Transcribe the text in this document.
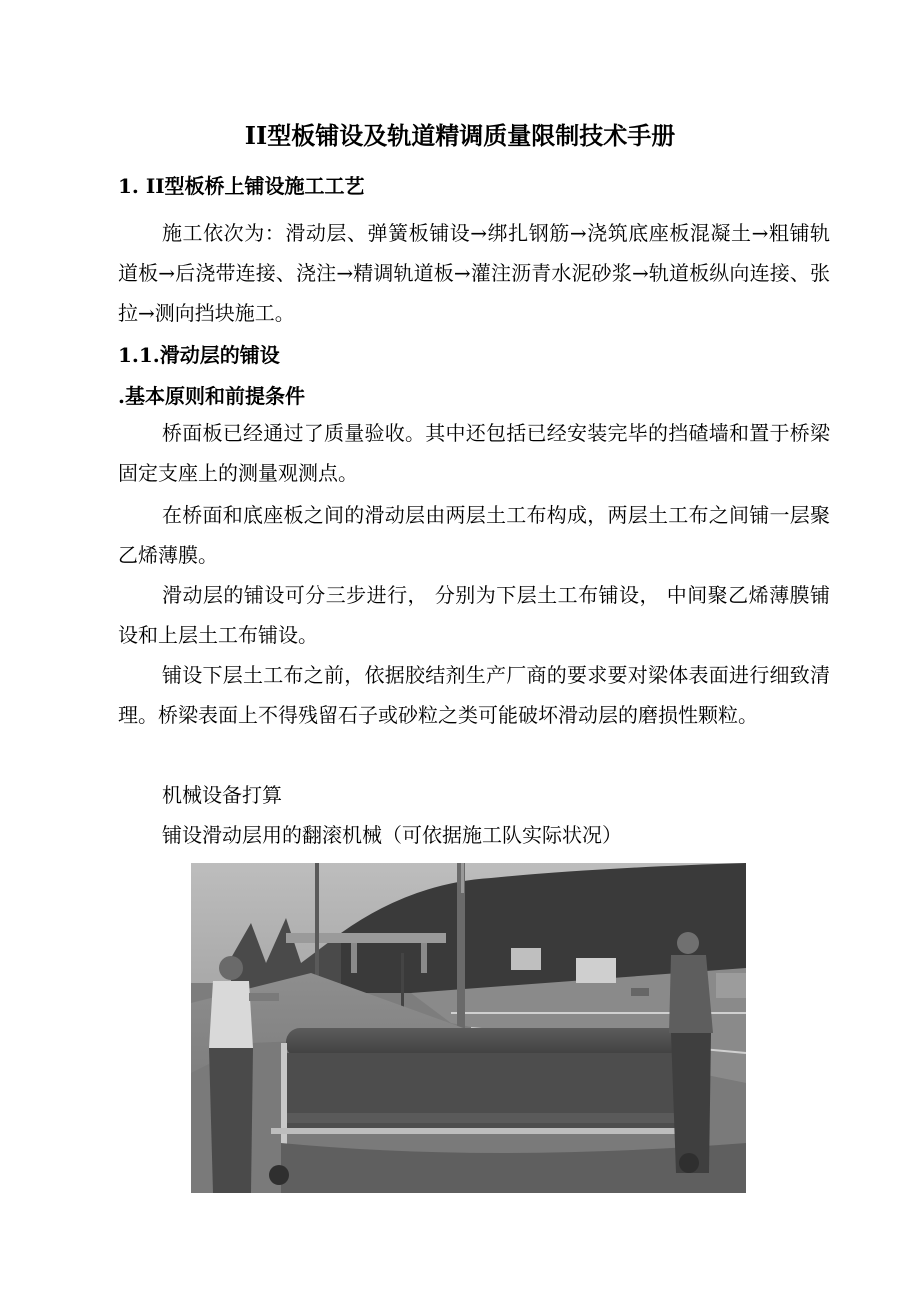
II型板铺设及轨道精调质量限制技术手册
1. II型板桥上铺设施工工艺

施工依次为：滑动层、弹簧板铺设→绑扎钢筋→浇筑底座板混凝土→粗铺轨道板→后浇带连接、浇注→精调轨道板→灌注沥青水泥砂浆→轨道板纵向连接、张拉→测向挡块施工。

1.1.滑动层的铺设
.基本原则和前提条件

桥面板已经通过了质量验收。其中还包括已经安装完毕的挡碴墙和置于桥梁固定支座上的测量观测点。

在桥面和底座板之间的滑动层由两层土工布构成，两层土工布之间铺一层聚乙烯薄膜。

滑动层的铺设可分三步进行， 分别为下层土工布铺设， 中间聚乙烯薄膜铺设和上层土工布铺设。

铺设下层土工布之前，依据胶结剂生产厂商的要求要对梁体表面进行细致清理。桥梁表面上不得残留石子或砂粒之类可能破坏滑动层的磨损性颗粒。

机械设备打算

铺设滑动层用的翻滚机械（可依据施工队实际状况）
